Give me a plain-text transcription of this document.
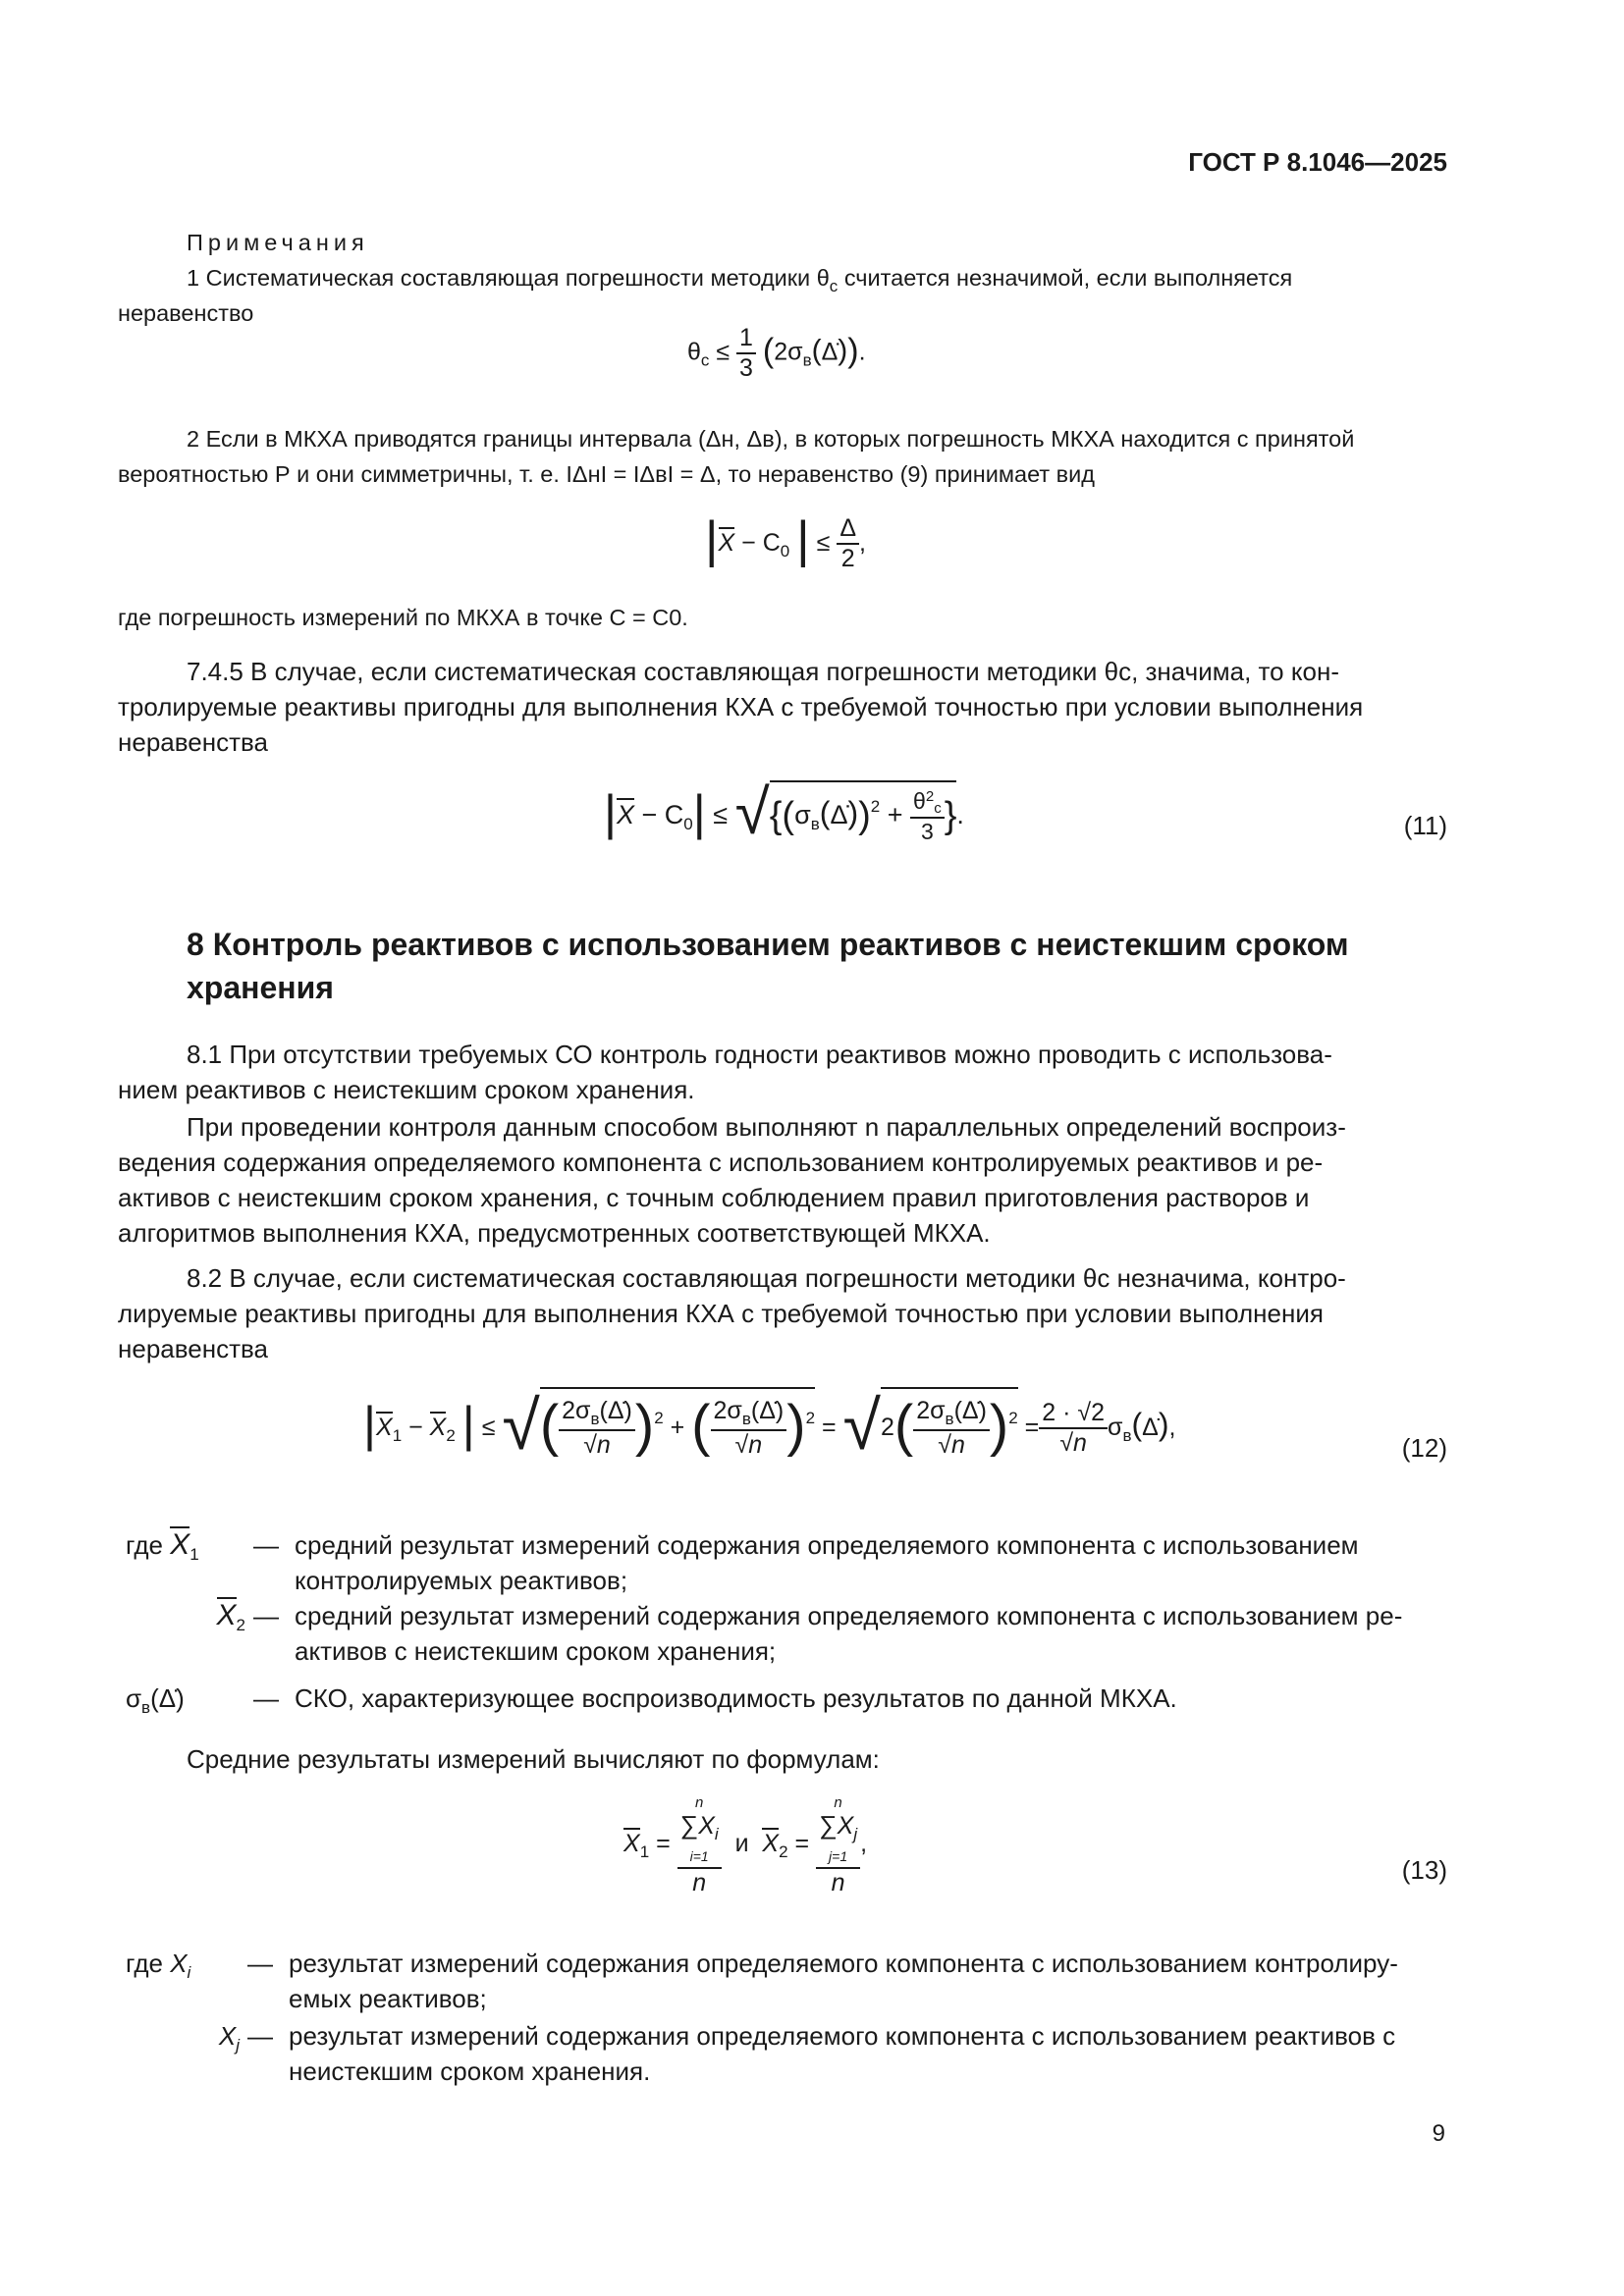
ГОСТ Р 8.1046—2025
Примечания
1 Систематическая составляющая погрешности методики $\theta_с$ считается незначимой, если выполняется
неравенство
$\theta_с \le \frac{1}{3}$ $(2\sigma_в(\Deltȧ))$.
2 Если в МКХА приводятся границы интервала (Δн, Δв), в которых погрешность МКХА находится с принятой
вероятностью Р и они симметричны, т. е. IΔнI = IΔвI = Δ, то неравенство (9) принимает вид
$|X - C_0$ | ≤ $\frac{\Delta}{2}$ ,
где погрешность измерений по МКХА в точке С = С0.
7.4.5 В случае, если систематическая составляющая погрешности методики θс, значима, то кон-
тролируемые реактивы пригодны для выполнения КХА с требуемой точностью при условии выполнения
неравенства
$|X - C_0|$ ≤ $√\{(\sigma_в(\Deltȧ))^2 + \frac{\theta^2с}{3}$ }.	(11)
8 Контроль реактивов с использованием реактивов с неистекшим сроком
хранения
8.1 При отсутствии требуемых СО контроль годности реактивов можно проводить с использова-
нием реактивов с неистекшим сроком хранения.
При проведении контроля данным способом выполняют n параллельных определений воспроиз-
ведения содержания определяемого компонента с использованием контролируемых реактивов и ре-
активов с неистекшим сроком хранения, с точным соблюдением правил приготовления растворов и
алгоритмов выполнения КХА, предусмотренных соответствующей МКХА.
8.2 В случае, если систематическая составляющая погрешности методики θс незначима, контро-
лируемые реактивы пригодны для выполнения КХА с требуемой точностью при условии выполнения
неравенства
$|X_1 - X_2$ | ≤ √( $\frac{2\sigma_в(\Deltȧ)}{√n} )^2$ + ( $\frac{2\sigma_в(\Deltȧ)}{√n} )^2 = √2( \frac{2\sigma_в(\Deltȧ)}{√n} )^2 = \frac{2 \cdot √2}{√n}$ $\sigma_в(\Deltȧ)$,
(12)
где $X_1$	— средний результат измерений содержания определяемого компонента с использованием
контролируемых реактивов;
$X_2$ — средний результат измерений содержания определяемого компонента с использованием ре-
активов с неистекшим сроком хранения;
$\sigma_в(\Deltȧ)$	— СКО, характеризующее воспроизводимость результатов по данной МКХА.
Средние результаты измерений вычисляют по формулам:
$X_1 = n$
$\sum X_i$
i=1
n и  $X_2 = n$
$\sum X_j$
j=1
n ,
(13)
где $X_i$	— результат измерений содержания определяемого компонента с использованием контролиру-
емых реактивов;
$X_j$ — результат измерений содержания определяемого компонента с использованием реактивов с
неистекшим сроком хранения.
9
